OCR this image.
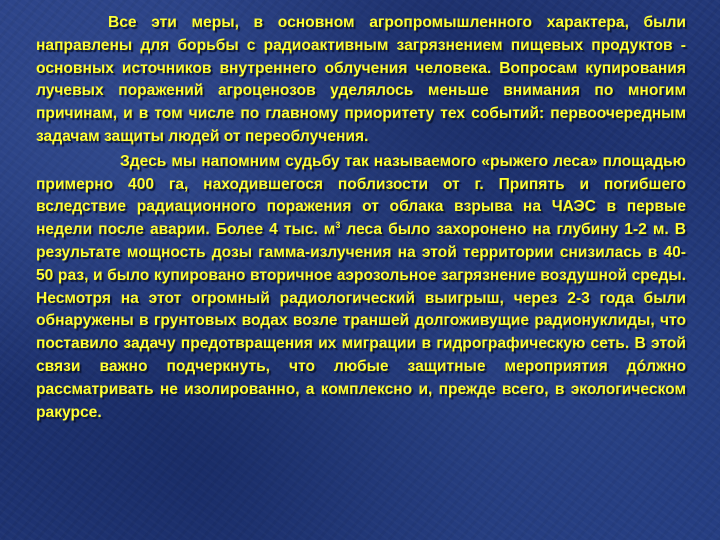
Все эти меры, в основном агропромышленного характера, были направлены для борьбы с радиоактивным загрязнением пищевых продуктов - основных источников внутреннего облучения человека. Вопросам купирования лучевых поражений агроценозов уделялось меньше внимания по многим причинам, и в том числе по главному приоритету тех событий: первоочередным задачам защиты людей от переоблучения.

Здесь мы напомним судьбу так называемого «рыжего леса» площадью примерно 400 га, находившегося поблизости от г. Припять и погибшего вследствие радиационного поражения от облака взрыва на ЧАЭС в первые недели после аварии. Более 4 тыс. $м^3$ леса было захоронено на глубину 1-2 м. В результате мощность дозы гамма-излучения на этой территории снизилась в 40-50 раз, и было купировано вторичное аэрозольное загрязнение воздушной среды. Несмотря на этот огромный радиологический выигрыш, через 2-3 года были обнаружены в грунтовых водах возле траншей долгоживущие радионуклиды, что поставило задачу предотвращения их миграции в гидрографическую сеть. В этой связи важно подчеркнуть, что любые защитные мероприятия дóлжно рассматривать не изолированно, а комплексно и, прежде всего, в экологическом ракурсе.
